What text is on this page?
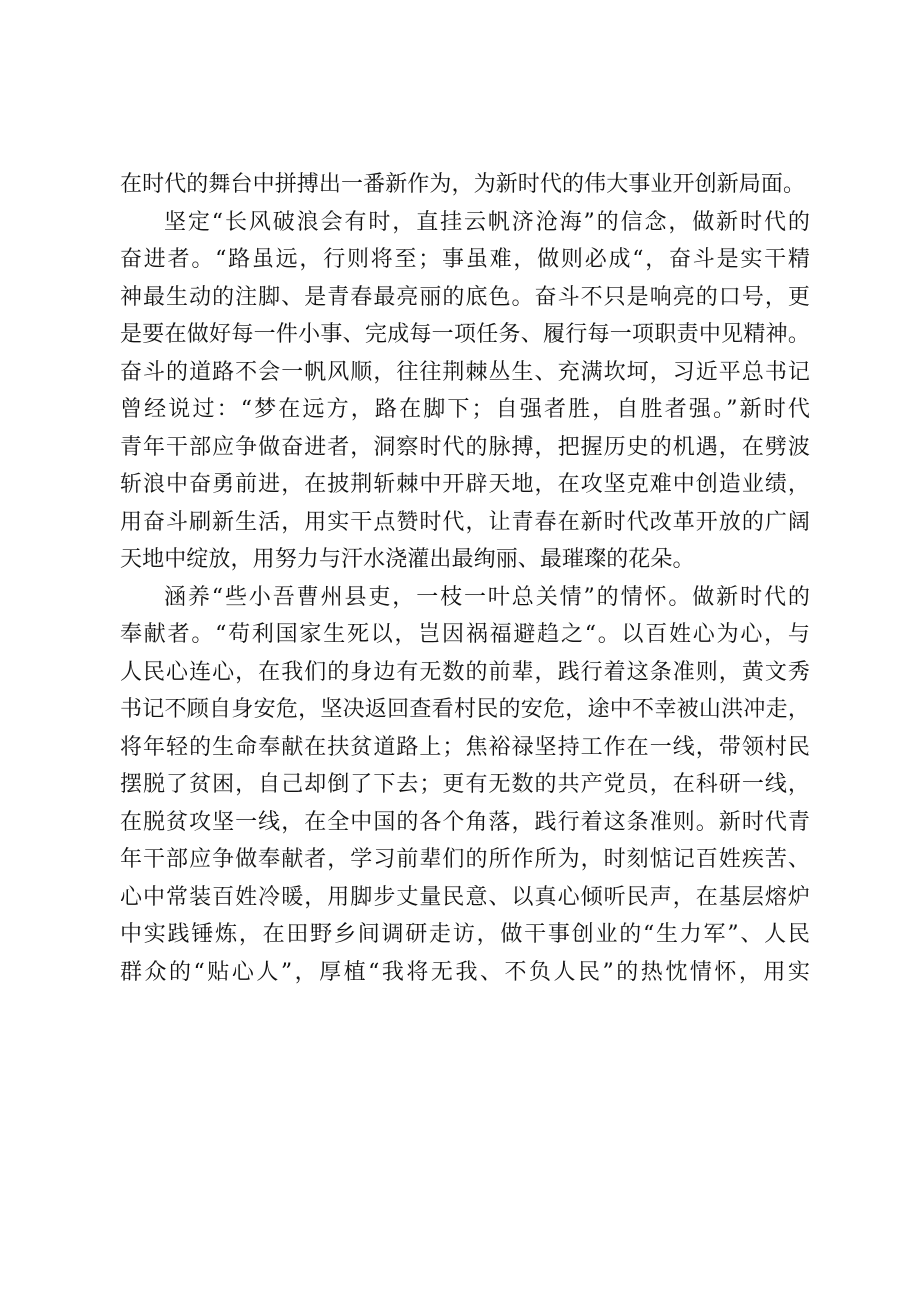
在时代的舞台中拼搏出一番新作为，为新时代的伟大事业开创新局面。
坚定“长风破浪会有时，直挂云帆济沧海”的信念，做新时代的
奋进者。“路虽远，行则将至；事虽难，做则必成“，奋斗是实干精
神最生动的注脚、是青春最亮丽的底色。奋斗不只是响亮的口号，更
是要在做好每一件小事、完成每一项任务、履行每一项职责中见精神。
奋斗的道路不会一帆风顺，往往荆棘丛生、充满坎坷，习近平总书记
曾经说过：“梦在远方，路在脚下；自强者胜，自胜者强。”新时代
青年干部应争做奋进者，洞察时代的脉搏，把握历史的机遇，在劈波
斩浪中奋勇前进，在披荆斩棘中开辟天地，在攻坚克难中创造业绩，
用奋斗刷新生活，用实干点赞时代，让青春在新时代改革开放的广阔
天地中绽放，用努力与汗水浇灌出最绚丽、最璀璨的花朵。
涵养“些小吾曹州县吏，一枝一叶总关情”的情怀。做新时代的
奉献者。“苟利国家生死以，岂因祸福避趋之“。以百姓心为心，与
人民心连心，在我们的身边有无数的前辈，践行着这条准则，黄文秀
书记不顾自身安危，坚决返回查看村民的安危，途中不幸被山洪冲走，
将年轻的生命奉献在扶贫道路上；焦裕禄坚持工作在一线，带领村民
摆脱了贫困，自己却倒了下去；更有无数的共产党员，在科研一线，
在脱贫攻坚一线，在全中国的各个角落，践行着这条准则。新时代青
年干部应争做奉献者，学习前辈们的所作所为，时刻惦记百姓疾苦、
心中常装百姓冷暖，用脚步丈量民意、以真心倾听民声，在基层熔炉
中实践锤炼，在田野乡间调研走访，做干事创业的“生力军”、人民
群众的“贴心人”，厚植“我将无我、不负人民”的热忱情怀，用实
